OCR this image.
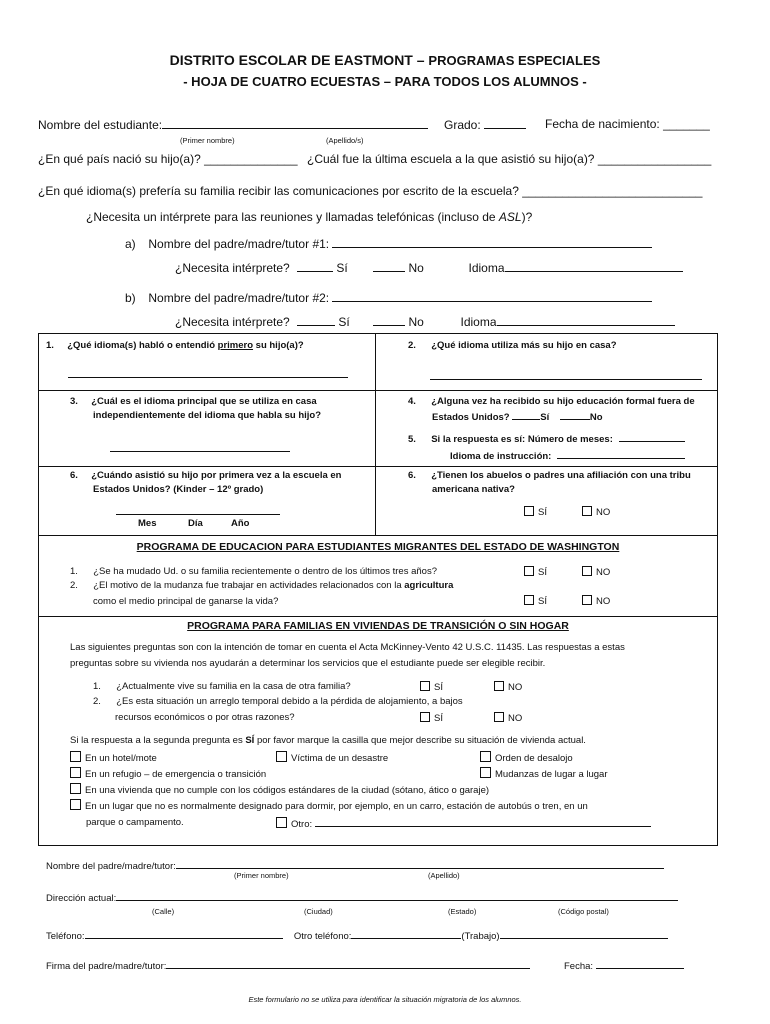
DISTRITO ESCOLAR DE EASTMONT – PROGRAMAS ESPECIALES
- HOJA DE CUATRO ECUESTAS – PARA TODOS LOS ALUMNOS -
Nombre del estudiante:	Grado:	Fecha de nacimiento: _______
(Primer nombre)	(Apellido/s)
¿En qué país nació su hijo(a)? ______________ ¿Cuál fue la última escuela a la que asistió su hijo(a)? _________________
¿En qué idioma(s) prefería su familia recibir las comunicaciones por escrito de la escuela? ___________________________
¿Necesita un intérprete para las reuniones y llamadas telefónicas (incluso de ASL)?
a) Nombre del padre/madre/tutor #1:
¿Necesita intérprete?	Sí	No	Idioma
b) Nombre del padre/madre/tutor #2:
¿Necesita intérprete?	Sí	No	Idioma
1. ¿Qué idioma(s) habló o entendió primero su hijo(a)?	2. ¿Qué idioma utiliza más su hijo en casa?
3. ¿Cuál es el idioma principal que se utiliza en casa
independientemente del idioma que habla su hijo?
4. ¿Alguna vez ha recibido su hijo educación formal fuera de
Estados Unidos?	Sí	No
5. Si la respuesta es sí: Número de meses:
Idioma de instrucción:
6. ¿Cuándo asistió su hijo por primera vez a la escuela en
Estados Unidos? (Kinder – 12º grado)
Mes	Día	Año
6. ¿Tienen los abuelos o padres una afiliación con una tribu
americana nativa?
SÍ	NO
PROGRAMA DE EDUCACION PARA ESTUDIANTES MIGRANTES DEL ESTADO DE WASHINGTON
1. ¿Se ha mudado Ud. o su familia recientemente o dentro de los últimos tres años?	SÍ	NO
2. ¿El motivo de la mudanza fue trabajar en actividades relacionados con la agricultura
como el medio principal de ganarse la vida?	SÍ	NO
PROGRAMA PARA FAMILIAS EN VIVIENDAS DE TRANSICIÓN O SIN HOGAR
Las siguientes preguntas son con la intención de tomar en cuenta el Acta McKinney-Vento 42 U.S.C. 11435. Las respuestas a estas
preguntas sobre su vivienda nos ayudarán a determinar los servicios que el estudiante puede ser elegible recibir.
1. ¿Actualmente vive su familia en la casa de otra familia?	SÍ	NO
2. ¿Es esta situación un arreglo temporal debido a la pérdida de alojamiento, a bajos
recursos económicos o por otras razones?	SÍ	NO
Si la respuesta a la segunda pregunta es SÍ por favor marque la casilla que mejor describe su situación de vivienda actual.
En un hotel/mote	Víctima de un desastre	Orden de desalojo
En un refugio – de emergencia o transición	Mudanzas de lugar a lugar
En una vivienda que no cumple con los códigos estándares de la ciudad (sótano, ático o garaje)
En un lugar que no es normalmente designado para dormir, por ejemplo, en un carro, estación de autobús o tren, en un
parque o campamento.	Otro:
Nombre del padre/madre/tutor:
(Primer nombre)	(Apellido)
Dirección actual:
(Calle)	(Ciudad)	(Estado)	(Código postal)
Teléfono:	Otro teléfono:	(Trabajo)
Firma del padre/madre/tutor:	Fecha:
Este formulario no se utiliza para identificar la situación migratoria de los alumnos.
